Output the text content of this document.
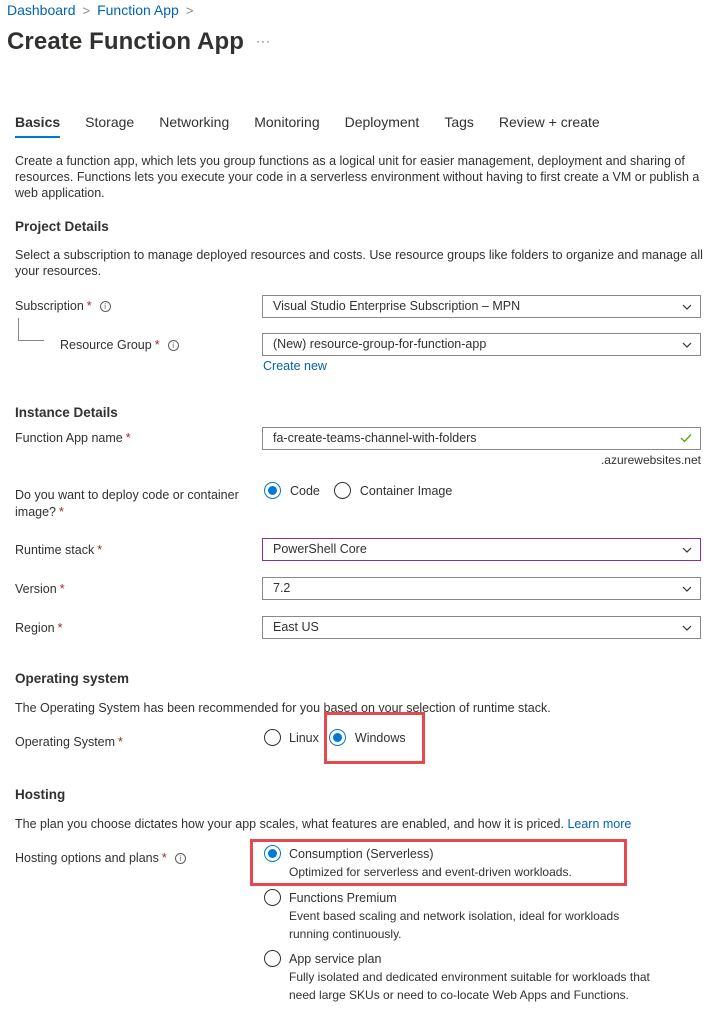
Dashboard > Function App >
Create Function App ···
Basics Storage Networking Monitoring Deployment Tags Review + create
Create a function app, which lets you group functions as a logical unit for easier management, deployment and sharing of resources. Functions lets you execute your code in a serverless environment without having to first create a VM or publish a web application.
Project Details
Select a subscription to manage deployed resources and costs. Use resource groups like folders to organize and manage all your resources.
Subscription * i	Visual Studio Enterprise Subscription – MPN
Resource Group * i	(New) resource-group-for-function-app
Create new
Instance Details
Function App name *	fa-create-teams-channel-with-folders
.azurewebsites.net
Do you want to deploy code or container image? *
Code	Container Image
Runtime stack *	PowerShell Core
Version *	7.2
Region *	East US
Operating system
The Operating System has been recommended for you based on your selection of runtime stack.
Operating System *	Linux	Windows
Hosting
The plan you choose dictates how your app scales, what features are enabled, and how it is priced. Learn more
Hosting options and plans * i	Consumption (Serverless)
Optimized for serverless and event-driven workloads.
Functions Premium
Event based scaling and network isolation, ideal for workloads
running continuously.
App service plan
Fully isolated and dedicated environment suitable for workloads that
need large SKUs or need to co-locate Web Apps and Functions.
